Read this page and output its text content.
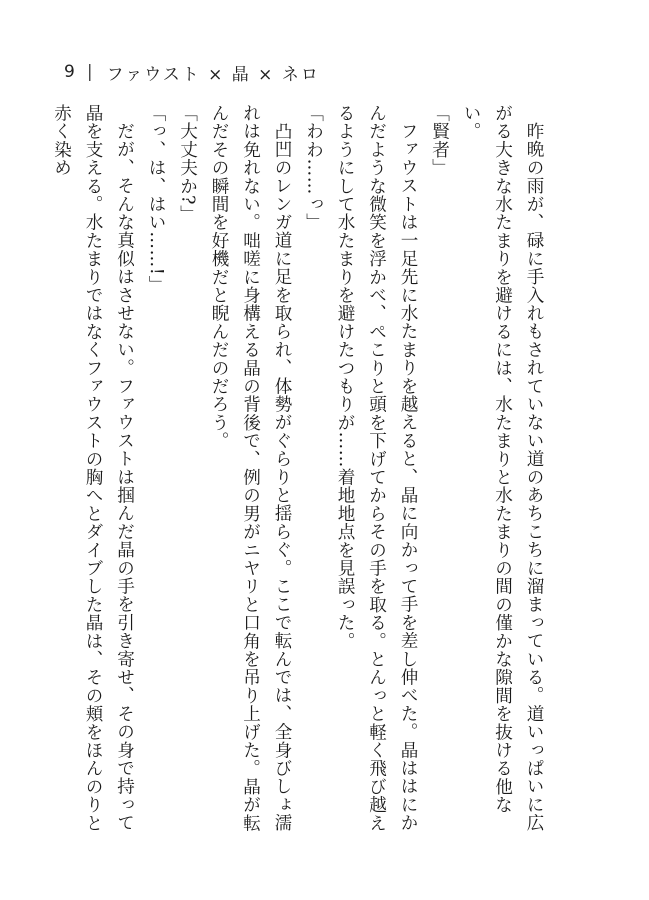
9 | ファウスト × 晶 × ネロ

昨晩の雨が、碌に手入れもされていない道のあちこちに溜まっている。道いっぱいに広がる大きな水たまりを避けるには、水たまりと水たまりの間の僅かな隙間を抜ける他ない。

「賢者」

ファウストは一足先に水たまりを越えると、晶に向かって手を差し伸べた。晶ははにかんだような微笑を浮かべ、ぺこりと頭を下げてからその手を取る。とんっと軽く飛び越えるようにして水たまりを避けたつもりが……着地地点を見誤った。

「わわ……っ」

凸凹のレンガ道に足を取られ、体勢がぐらりと揺らぐ。ここで転んでは、全身びしょ濡れは免れない。咄嗟に身構える晶の背後で、例の男がニヤリと口角を吊り上げた。晶が転んだその瞬間を好機だと睨んだのだろう。

「大丈夫か?」

「っ、は、はい……!」

だが、そんな真似はさせない。ファウストは掴んだ晶の手を引き寄せ、その身で持って晶を支える。水たまりではなくファウストの胸へとダイブした晶は、その頬をほんのりと赤く染め
